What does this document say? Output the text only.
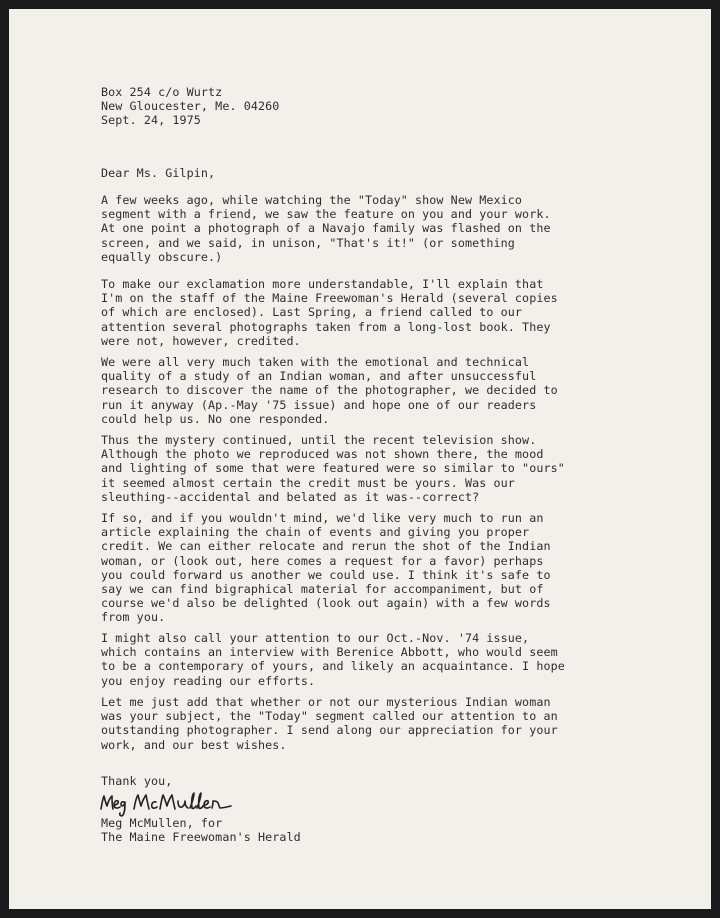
Box 254 c/o Wurtz
New Gloucester, Me. 04260
Sept. 24, 1975
Dear Ms. Gilpin,
A few weeks ago, while watching the "Today" show New Mexico
segment with a friend, we saw the feature on you and your work.
At one point a photograph of a Navajo family was flashed on the
screen, and we said, in unison, "That's it!" (or something
equally obscure.)
To make our exclamation more understandable, I'll explain that
I'm on the staff of the Maine Freewoman's Herald (several copies
of which are enclosed). Last Spring, a friend called to our
attention several photographs taken from a long-lost book. They
were not, however, credited.
We were all very much taken with the emotional and technical
quality of a study of an Indian woman, and after unsuccessful
research to discover the name of the photographer, we decided to
run it anyway (Ap.-May '75 issue) and hope one of our readers
could help us. No one responded.
Thus the mystery continued, until the recent television show.
Although the photo we reproduced was not shown there, the mood
and lighting of some that were featured were so similar to "ours"
it seemed almost certain the credit must be yours. Was our
sleuthing--accidental and belated as it was--correct?
If so, and if you wouldn't mind, we'd like very much to run an
article explaining the chain of events and giving you proper
credit. We can either relocate and rerun the shot of the Indian
woman, or (look out, here comes a request for a favor) perhaps
you could forward us another we could use. I think it's safe to
say we can find bigraphical material for accompaniment, but of
course we'd also be delighted (look out again) with a few words
from you.
I might also call your attention to our Oct.-Nov. '74 issue,
which contains an interview with Berenice Abbott, who would seem
to be a contemporary of yours, and likely an acquaintance. I hope
you enjoy reading our efforts.
Let me just add that whether or not our mysterious Indian woman
was your subject, the "Today" segment called our attention to an
outstanding photographer. I send along our appreciation for your
work, and our best wishes.
Thank you,
Meg McMullen, for
The Maine Freewoman's Herald
